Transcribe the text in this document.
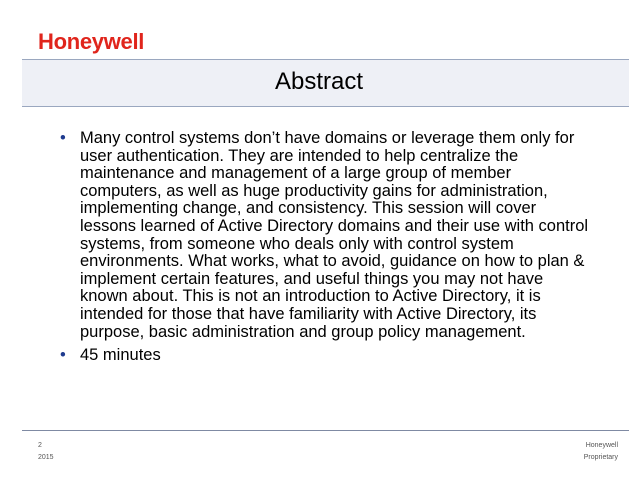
Honeywell
Abstract
• Many control systems don’t have domains or leverage them only for user authentication. They are intended to help centralize the maintenance and management of a large group of member computers, as well as huge productivity gains for administration, implementing change, and consistency. This session will cover lessons learned of Active Directory domains and their use with control systems, from someone who deals only with control system environments. What works, what to avoid, guidance on how to plan & implement certain features, and useful things you may not have known about. This is not an introduction to Active Directory, it is intended for those that have familiarity with Active Directory, its purpose, basic administration and group policy management.
• 45 minutes
2
2015
Honeywell
Proprietary
